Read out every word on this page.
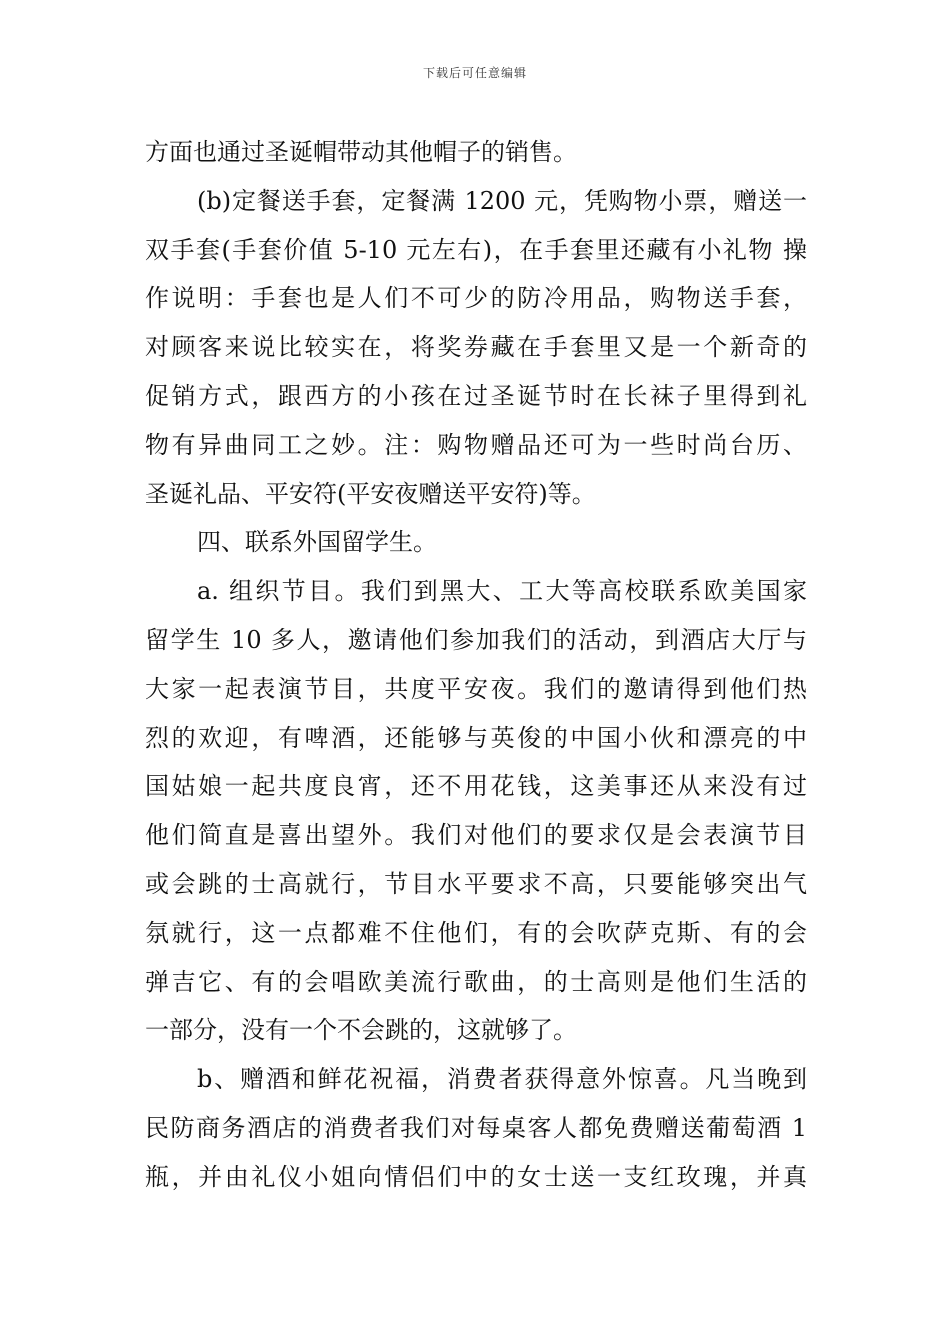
下载后可任意编辑
方面也通过圣诞帽带动其他帽子的销售。
(b)定餐送手套，定餐满 1200 元，凭购物小票，赠送一
双手套(手套价值 5-10 元左右)，在手套里还藏有小礼物 操
作说明：手套也是人们不可少的防冷用品，购物送手套，
对顾客来说比较实在，将奖券藏在手套里又是一个新奇的
促销方式，跟西方的小孩在过圣诞节时在长袜子里得到礼
物有异曲同工之妙。注：购物赠品还可为一些时尚台历、
圣诞礼品、平安符(平安夜赠送平安符)等。
四、联系外国留学生。
a. 组织节目。我们到黑大、工大等高校联系欧美国家
留学生 10 多人，邀请他们参加我们的活动，到酒店大厅与
大家一起表演节目，共度平安夜。我们的邀请得到他们热
烈的欢迎，有啤酒，还能够与英俊的中国小伙和漂亮的中
国姑娘一起共度良宵，还不用花钱，这美事还从来没有过
他们简直是喜出望外。我们对他们的要求仅是会表演节目
或会跳的士高就行，节目水平要求不高，只要能够突出气
氛就行，这一点都难不住他们，有的会吹萨克斯、有的会
弹吉它、有的会唱欧美流行歌曲，的士高则是他们生活的
一部分，没有一个不会跳的，这就够了。
b、赠酒和鲜花祝福，消费者获得意外惊喜。凡当晚到
民防商务酒店的消费者我们对每桌客人都免费赠送葡萄酒 1
瓶，并由礼仪小姐向情侣们中的女士送一支红玫瑰，并真
